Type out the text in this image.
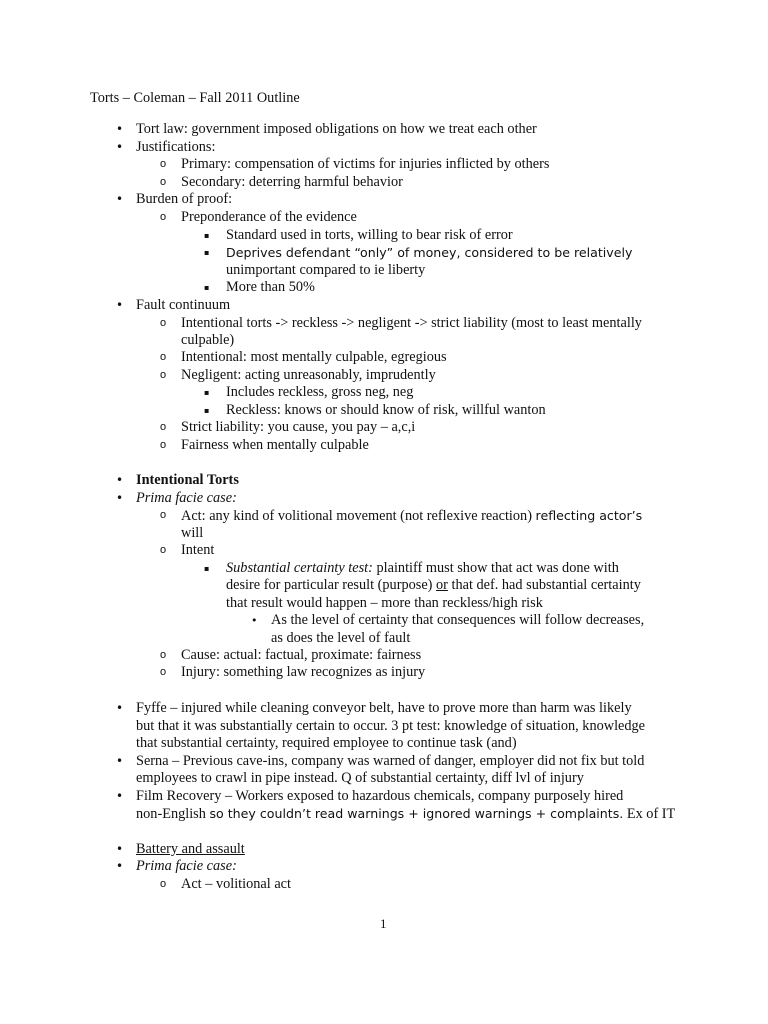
Torts – Coleman – Fall 2011 Outline
• Tort law: government imposed obligations on how we treat each other
• Justifications:
o Primary: compensation of victims for injuries inflicted by others
o Secondary: deterring harmful behavior
• Burden of proof:
o Preponderance of the evidence
▪ Standard used in torts, willing to bear risk of error
▪ Deprives defendant “only” of money, considered to be relatively
unimportant compared to ie liberty
▪ More than 50%
• Fault continuum
o Intentional torts -> reckless -> negligent -> strict liability (most to least mentally
culpable)
o Intentional: most mentally culpable, egregious
o Negligent: acting unreasonably, imprudently
▪ Includes reckless, gross neg, neg
▪ Reckless: knows or should know of risk, willful wanton
o Strict liability: you cause, you pay – a,c,i
o Fairness when mentally culpable
• Intentional Torts
• Prima facie case:
o Act: any kind of volitional movement (not reflexive reaction) reflecting actor’s
will
o Intent
▪ Substantial certainty test: plaintiff must show that act was done with
desire for particular result (purpose) or that def. had substantial certainty
that result would happen – more than reckless/high risk
• As the level of certainty that consequences will follow decreases,
as does the level of fault
o Cause: actual: factual, proximate: fairness
o Injury: something law recognizes as injury
• Fyffe – injured while cleaning conveyor belt, have to prove more than harm was likely
but that it was substantially certain to occur. 3 pt test: knowledge of situation, knowledge
that substantial certainty, required employee to continue task (and)
• Serna – Previous cave-ins, company was warned of danger, employer did not fix but told
employees to crawl in pipe instead. Q of substantial certainty, diff lvl of injury
• Film Recovery – Workers exposed to hazardous chemicals, company purposely hired
non-English so they couldn’t read warnings + ignored warnings + complaints. Ex of IT
• Battery and assault
• Prima facie case:
o Act – volitional act
1
